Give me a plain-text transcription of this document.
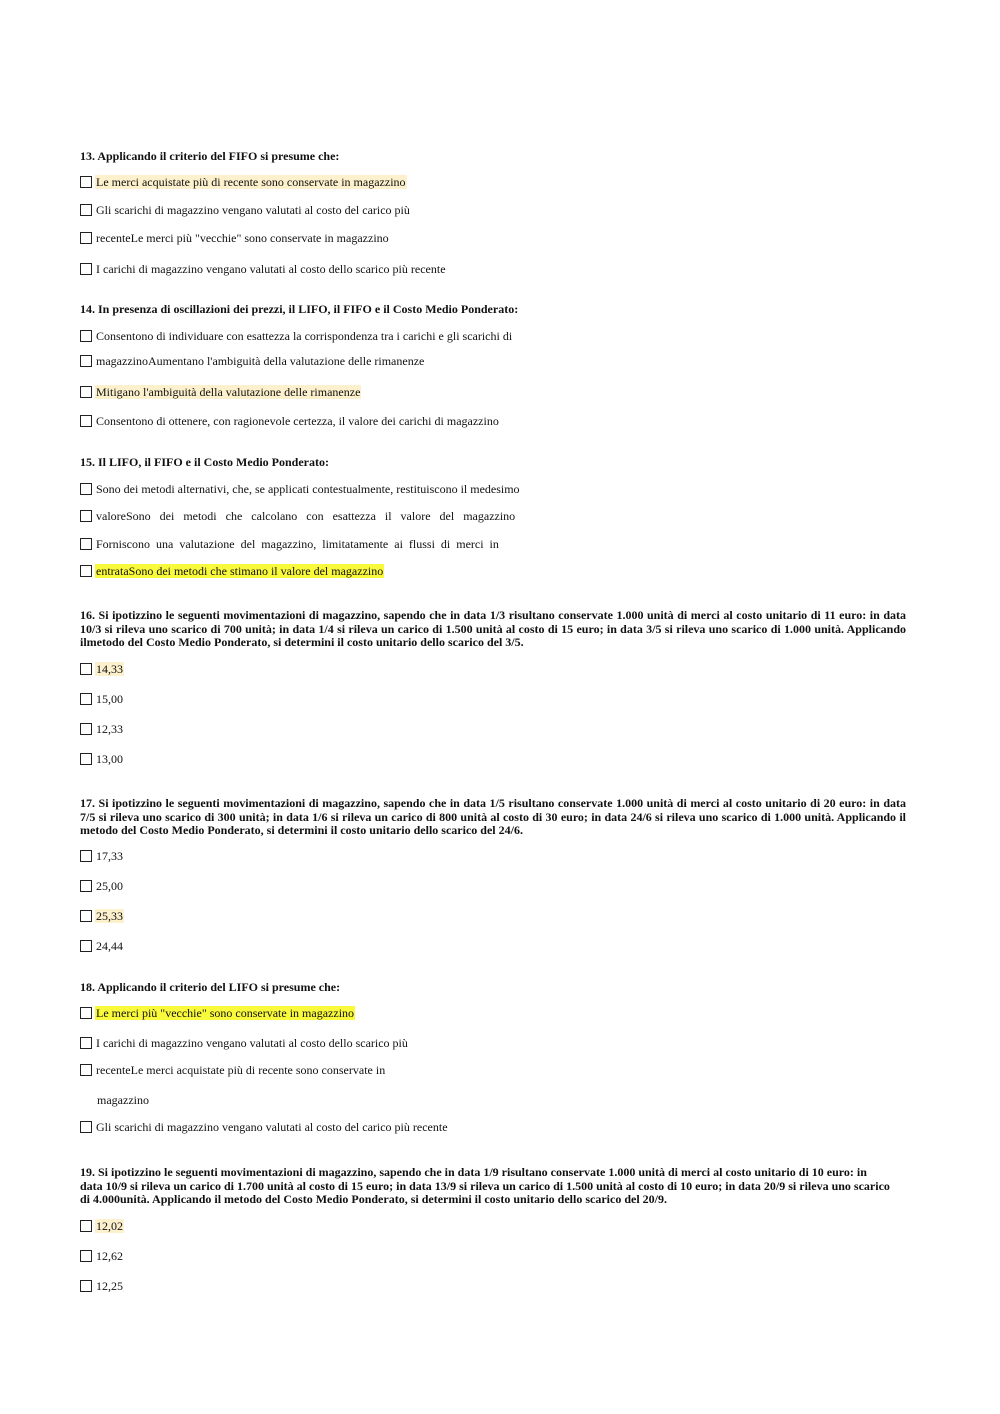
13. Applicando il criterio del FIFO si presume che:
Le merci acquistate più di recente sono conservate in magazzino
Gli scarichi di magazzino vengano valutati al costo del carico più
recenteLe merci più "vecchie" sono conservate in magazzino
I carichi di magazzino vengano valutati al costo dello scarico più recente
14. In presenza di oscillazioni dei prezzi, il LIFO, il FIFO e il Costo Medio Ponderato:
Consentono di individuare con esattezza la corrispondenza tra i carichi e gli scarichi di
magazzinoAumentano l'ambiguità della valutazione delle rimanenze
Mitigano l'ambiguità della valutazione delle rimanenze
Consentono di ottenere, con ragionevole certezza, il valore dei carichi di magazzino
15. Il LIFO, il FIFO e il Costo Medio Ponderato:
Sono dei metodi alternativi, che, se applicati contestualmente, restituiscono il medesimo
valoreSono   dei   metodi   che   calcolano   con   esattezza   il   valore   del   magazzino
Forniscono  una  valutazione  del  magazzino,  limitatamente  ai  flussi  di  merci  in
entrataSono dei metodi che stimano il valore del magazzino
16. Si ipotizzino le seguenti movimentazioni di magazzino, sapendo che in data 1/3 risultano conservate 1.000 unità di merci al costo unitario di 11 euro: in data 10/3 si rileva uno scarico di 700 unità; in data 1/4 si rileva un carico di 1.500 unità al costo di 15 euro; in data 3/5 si rileva uno scarico di 1.000 unità. Applicando ilmetodo del Costo Medio Ponderato, si determini il costo unitario dello scarico del 3/5.
14,33
15,00
12,33
13,00
17. Si ipotizzino le seguenti movimentazioni di magazzino, sapendo che in data 1/5 risultano conservate 1.000 unità di merci al costo unitario di 20 euro: in data 7/5 si rileva uno scarico di 300 unità; in data 1/6 si rileva un carico di 800 unità al costo di 30 euro; in data 24/6 si rileva uno scarico di 1.000 unità. Applicando il metodo del Costo Medio Ponderato, si determini il costo unitario dello scarico del 24/6.
17,33
25,00
25,33
24,44
18. Applicando il criterio del LIFO si presume che:
Le merci più "vecchie" sono conservate in magazzino
I carichi di magazzino vengano valutati al costo dello scarico più
recenteLe merci acquistate più di recente sono conservate in
magazzino
Gli scarichi di magazzino vengano valutati al costo del carico più recente
19. Si ipotizzino le seguenti movimentazioni di magazzino, sapendo che in data 1/9 risultano conservate 1.000 unità di merci al costo unitario di 10 euro: in data 10/9 si rileva un carico di 1.700 unità al costo di 15 euro; in data 13/9 si rileva un carico di 1.500 unità al costo di 10 euro; in data 20/9 si rileva uno scarico di 4.000unità. Applicando il metodo del Costo Medio Ponderato, si determini il costo unitario dello scarico del 20/9.
12,02
12,62
12,25
